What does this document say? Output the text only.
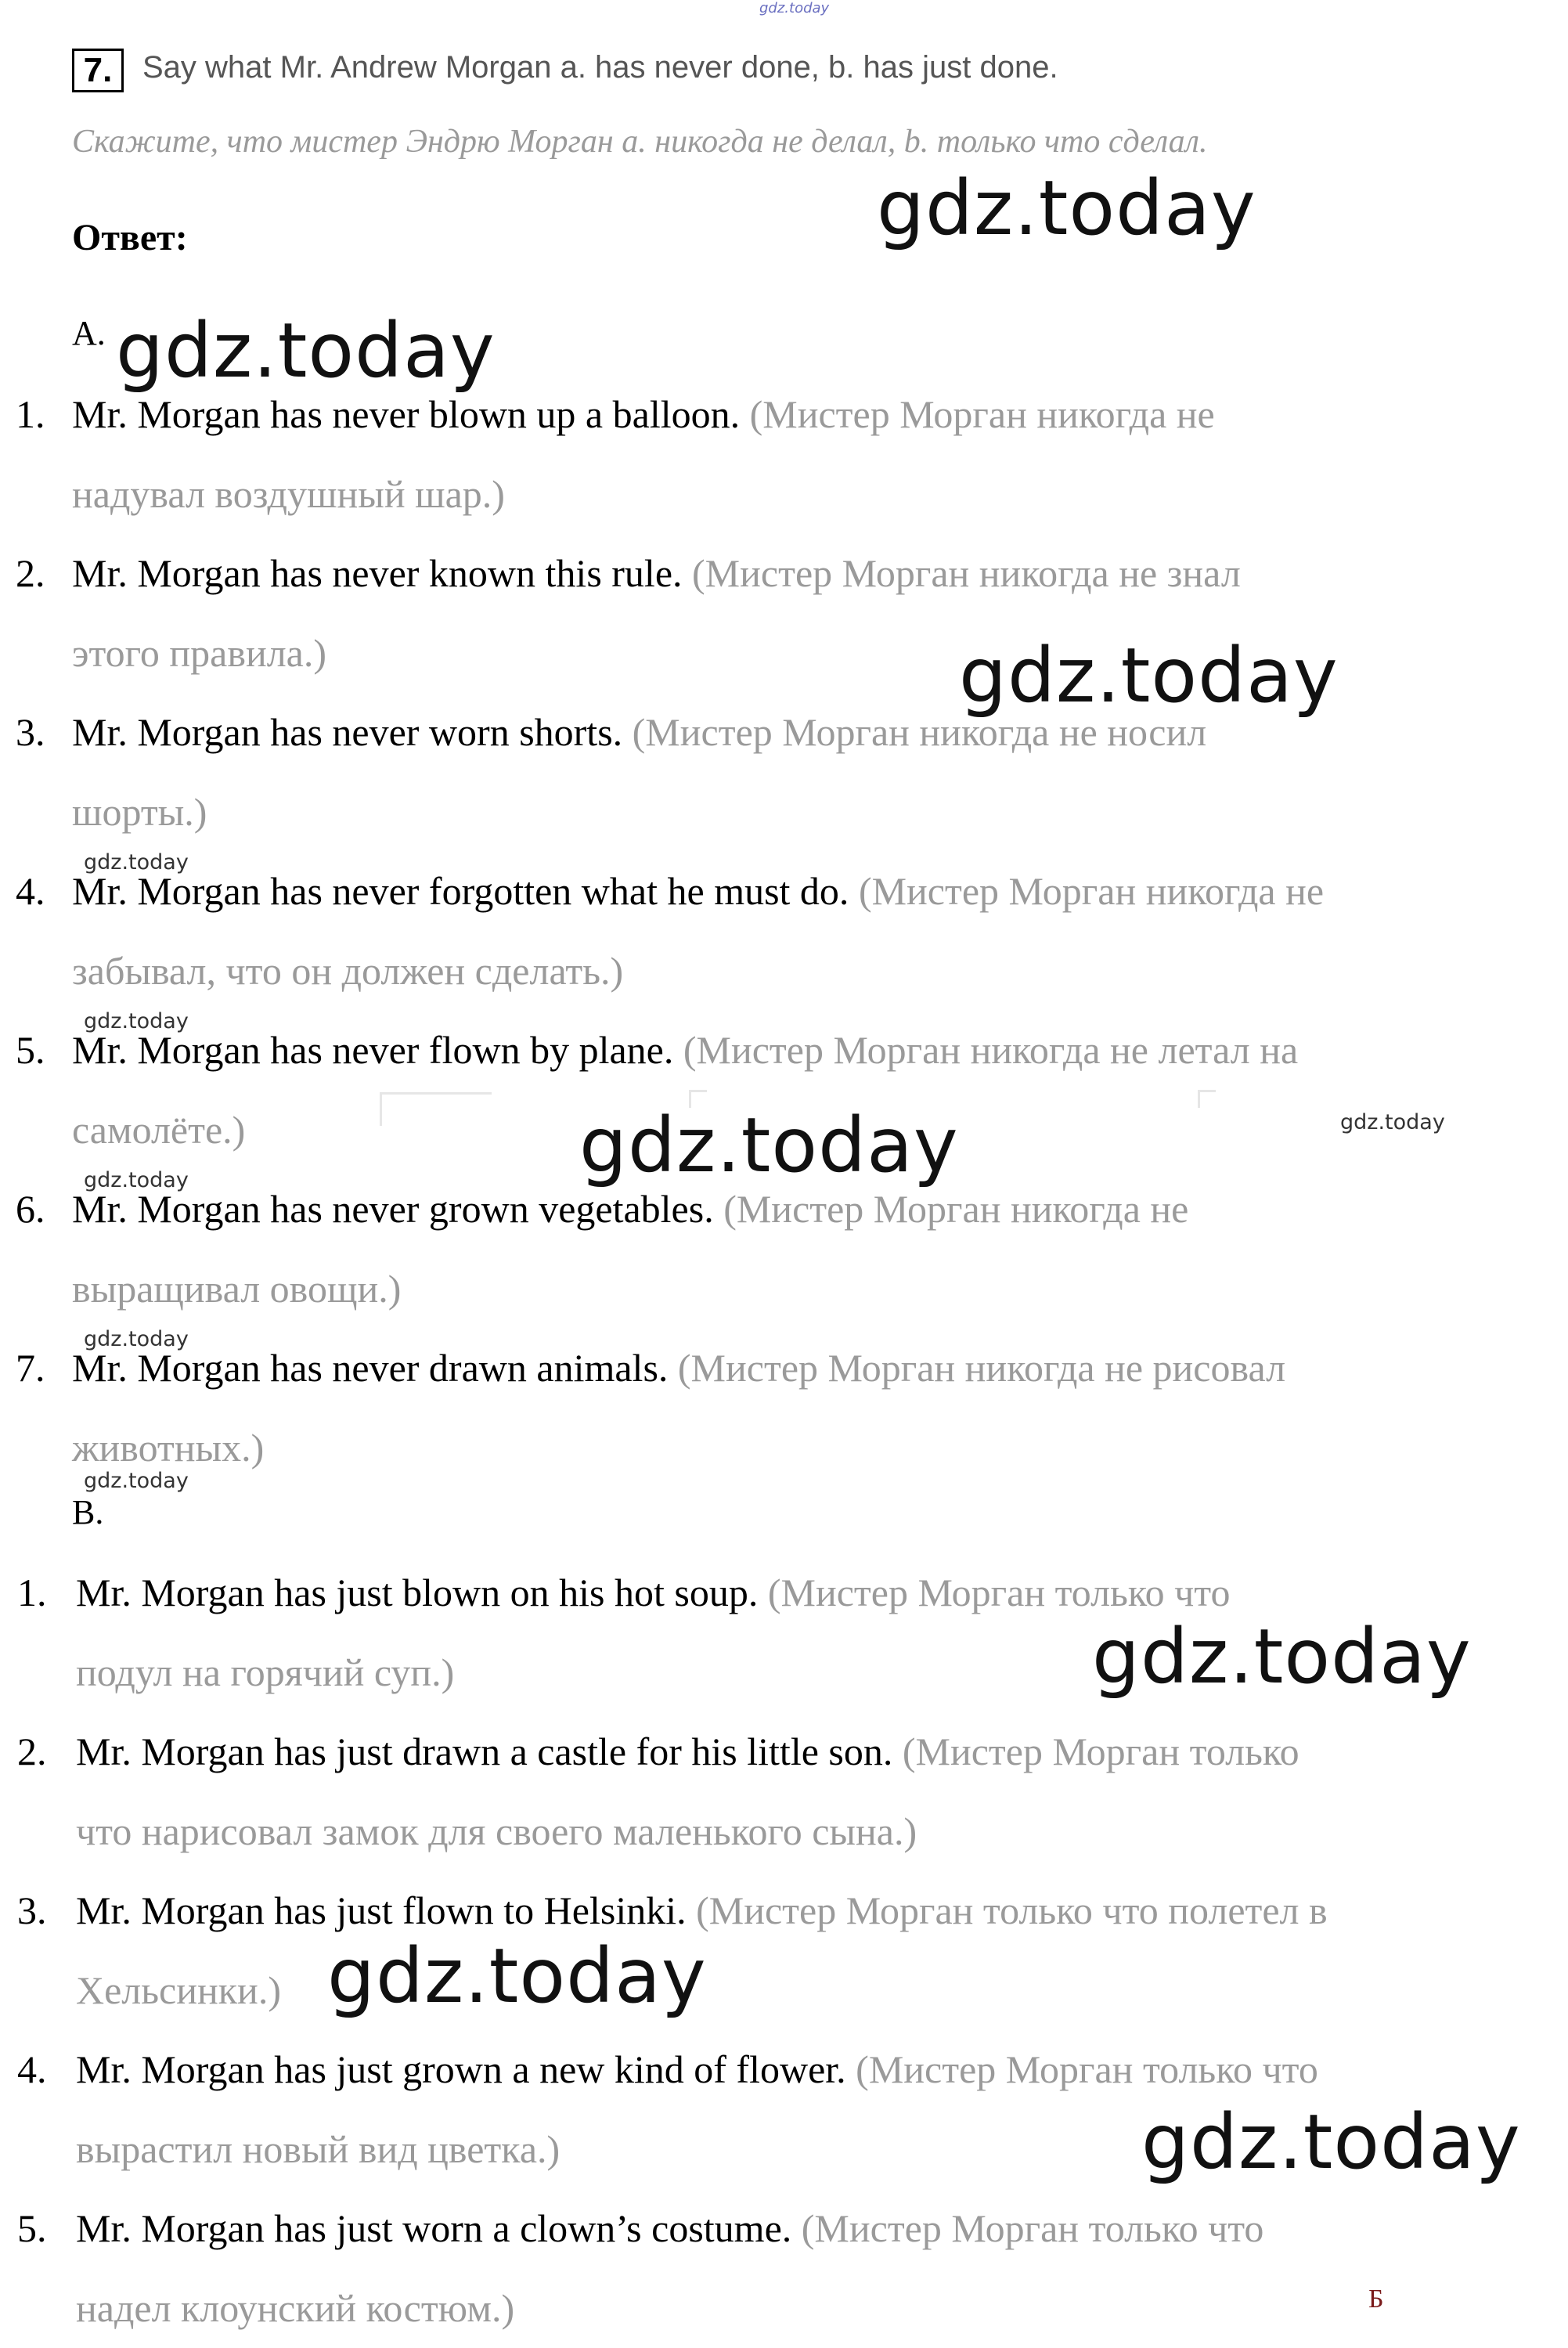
gdz.today
7. Say what Mr. Andrew Morgan a. has never done, b. has just done.
Скажите, что мистер Эндрю Морган a. никогда не делал, b. только что сделал.
Ответ:
A.
1. Mr. Morgan has never blown up a balloon. (Мистер Морган никогда не
надувал воздушный шар.)
2. Mr. Morgan has never known this rule. (Мистер Морган никогда не знал
этого правила.)
3. Mr. Morgan has never worn shorts. (Мистер Морган никогда не носил
шорты.)
4. Mr. Morgan has never forgotten what he must do. (Мистер Морган никогда не
забывал, что он должен сделать.)
5. Mr. Morgan has never flown by plane. (Мистер Морган никогда не летал на
самолёте.)
6. Mr. Morgan has never grown vegetables. (Мистер Морган никогда не
выращивал овощи.)
7. Mr. Morgan has never drawn animals. (Мистер Морган никогда не рисовал
животных.)
B.
1. Mr. Morgan has just blown on his hot soup. (Мистер Морган только что
подул на горячий суп.)
2. Mr. Morgan has just drawn a castle for his little son. (Мистер Морган только
что нарисовал замок для своего маленького сына.)
3. Mr. Morgan has just flown to Helsinki. (Мистер Морган только что полетел в
Хельсинки.)
4. Mr. Morgan has just grown a new kind of flower. (Мистер Морган только что
вырастил новый вид цветка.)
5. Mr. Morgan has just worn a clown’s costume. (Мистер Морган только что
надел клоунский костюм.)	Б
gdz.today
gdz.today
gdz.today
gdz.today
gdz.today
gdz.today
gdz.today
gdz.today
gdz.today
gdz.today
gdz.today
gdz.today
gdz.today
